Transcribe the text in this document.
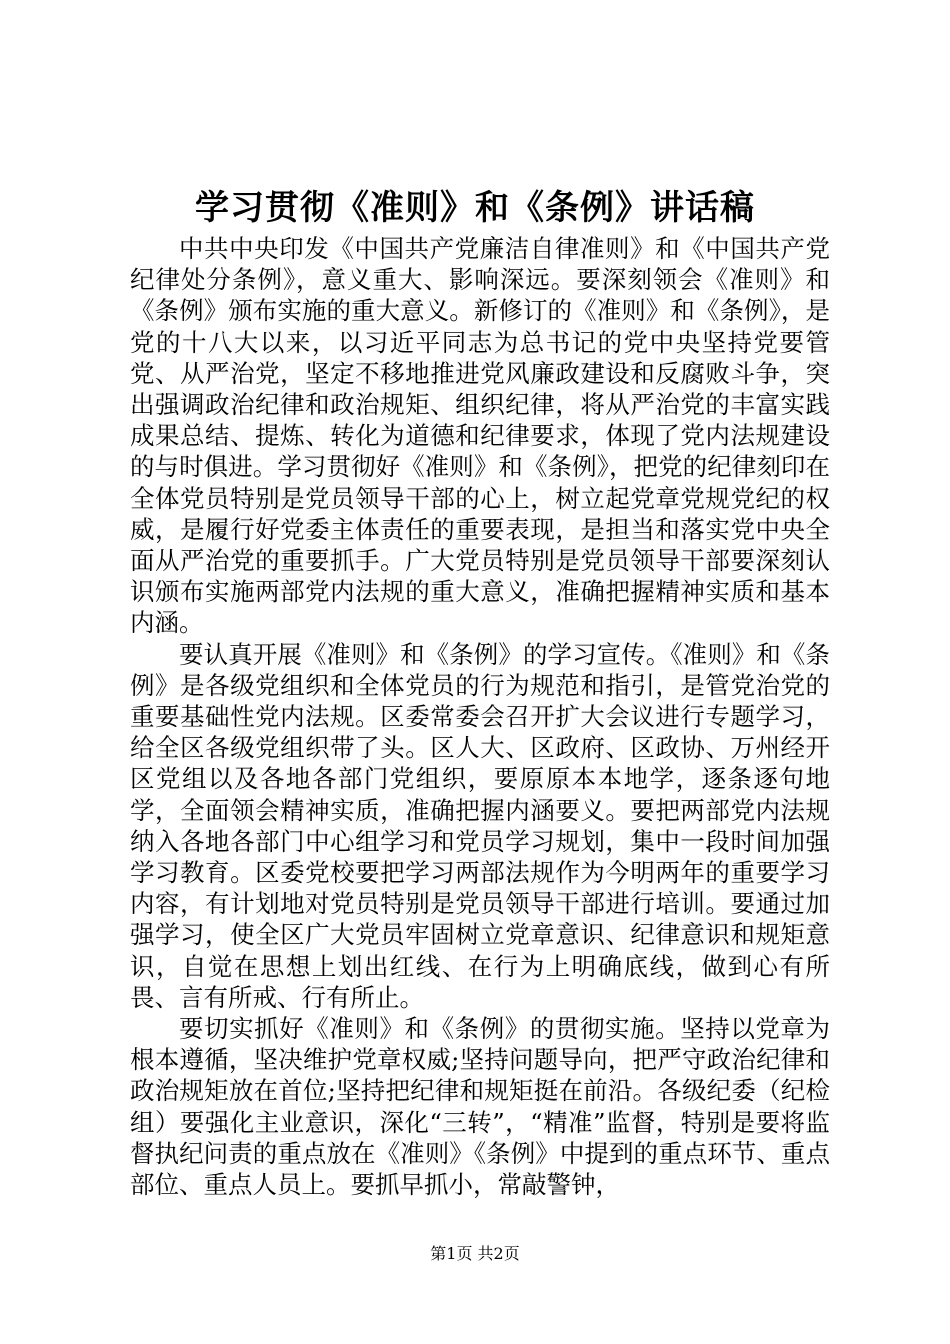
学习贯彻《准则》和《条例》讲话稿

中共中央印发《中国共产党廉洁自律准则》和《中国共产党纪律处分条例》，意义重大、影响深远。要深刻领会《准则》和《条例》颁布实施的重大意义。新修订的《准则》和《条例》，是党的十八大以来，以习近平同志为总书记的党中央坚持党要管党、从严治党，坚定不移地推进党风廉政建设和反腐败斗争，突出强调政治纪律和政治规矩、组织纪律，将从严治党的丰富实践成果总结、提炼、转化为道德和纪律要求，体现了党内法规建设的与时俱进。学习贯彻好《准则》和《条例》，把党的纪律刻印在全体党员特别是党员领导干部的心上，树立起党章党规党纪的权威，是履行好党委主体责任的重要表现，是担当和落实党中央全面从严治党的重要抓手。广大党员特别是党员领导干部要深刻认识颁布实施两部党内法规的重大意义，准确把握精神实质和基本内涵。

要认真开展《准则》和《条例》的学习宣传。《准则》和《条例》是各级党组织和全体党员的行为规范和指引，是管党治党的重要基础性党内法规。区委常委会召开扩大会议进行专题学习，给全区各级党组织带了头。区人大、区政府、区政协、万州经开区党组以及各地各部门党组织，要原原本本地学，逐条逐句地学，全面领会精神实质，准确把握内涵要义。要把两部党内法规纳入各地各部门中心组学习和党员学习规划，集中一段时间加强学习教育。区委党校要把学习两部法规作为今明两年的重要学习内容，有计划地对党员特别是党员领导干部进行培训。要通过加强学习，使全区广大党员牢固树立党章意识、纪律意识和规矩意识，自觉在思想上划出红线、在行为上明确底线，做到心有所畏、言有所戒、行有所止。

要切实抓好《准则》和《条例》的贯彻实施。坚持以党章为根本遵循，坚决维护党章权威;坚持问题导向，把严守政治纪律和政治规矩放在首位;坚持把纪律和规矩挺在前沿。各级纪委（纪检组）要强化主业意识，深化“三转”，“精准”监督，特别是要将监督执纪问责的重点放在《准则》《条例》中提到的重点环节、重点部位、重点人员上。要抓早抓小，常敲警钟，

第1页 共2页
